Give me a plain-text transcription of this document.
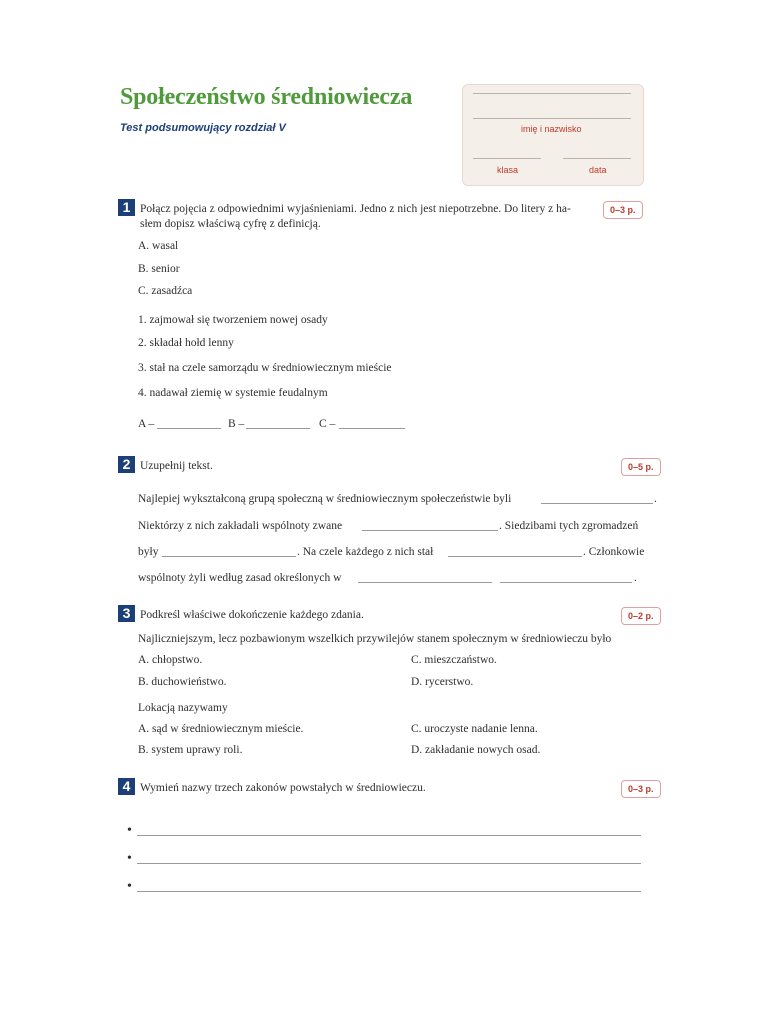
Społeczeństwo średniowiecza
Test podsumowujący rozdział V	imię i nazwisko
klasa	data
1 Połącz pojęcia z odpowiednimi wyjaśnieniami. Jedno z nich jest niepotrzebne. Do litery z ha-
słem dopisz właściwą cyfrę z definicją.
0–3 p.
A. wasal
B. senior
C. zasadźca
1. zajmował się tworzeniem nowej osady
2. składał hołd lenny
3. stał na czele samorządu w średniowiecznym mieście
4. nadawał ziemię w systemie feudalnym
A –	B –	C –
2 Uzupełnij tekst.	0–5 p.
Najlepiej wykształconą grupą społeczną w średniowiecznym społeczeństwie byli	.
Niektórzy z nich zakładali wspólnoty zwane	. Siedzibami tych zgromadzeń
były	. Na czele każdego z nich stał	. Członkowie
wspólnoty żyli według zasad określonych w	.
3 Podkreśl właściwe dokończenie każdego zdania.	0–2 p.
Najliczniejszym, lecz pozbawionym wszelkich przywilejów stanem społecznym w średniowieczu było
A. chłopstwo.	C. mieszczaństwo.
B. duchowieństwo.	D. rycerstwo.
Lokacją nazywamy
A. sąd w średniowiecznym mieście.	C. uroczyste nadanie lenna.
B. system uprawy roli.	D. zakładanie nowych osad.
4 Wymień nazwy trzech zakonów powstałych w średniowieczu.	0–3 p.
•
•
•
